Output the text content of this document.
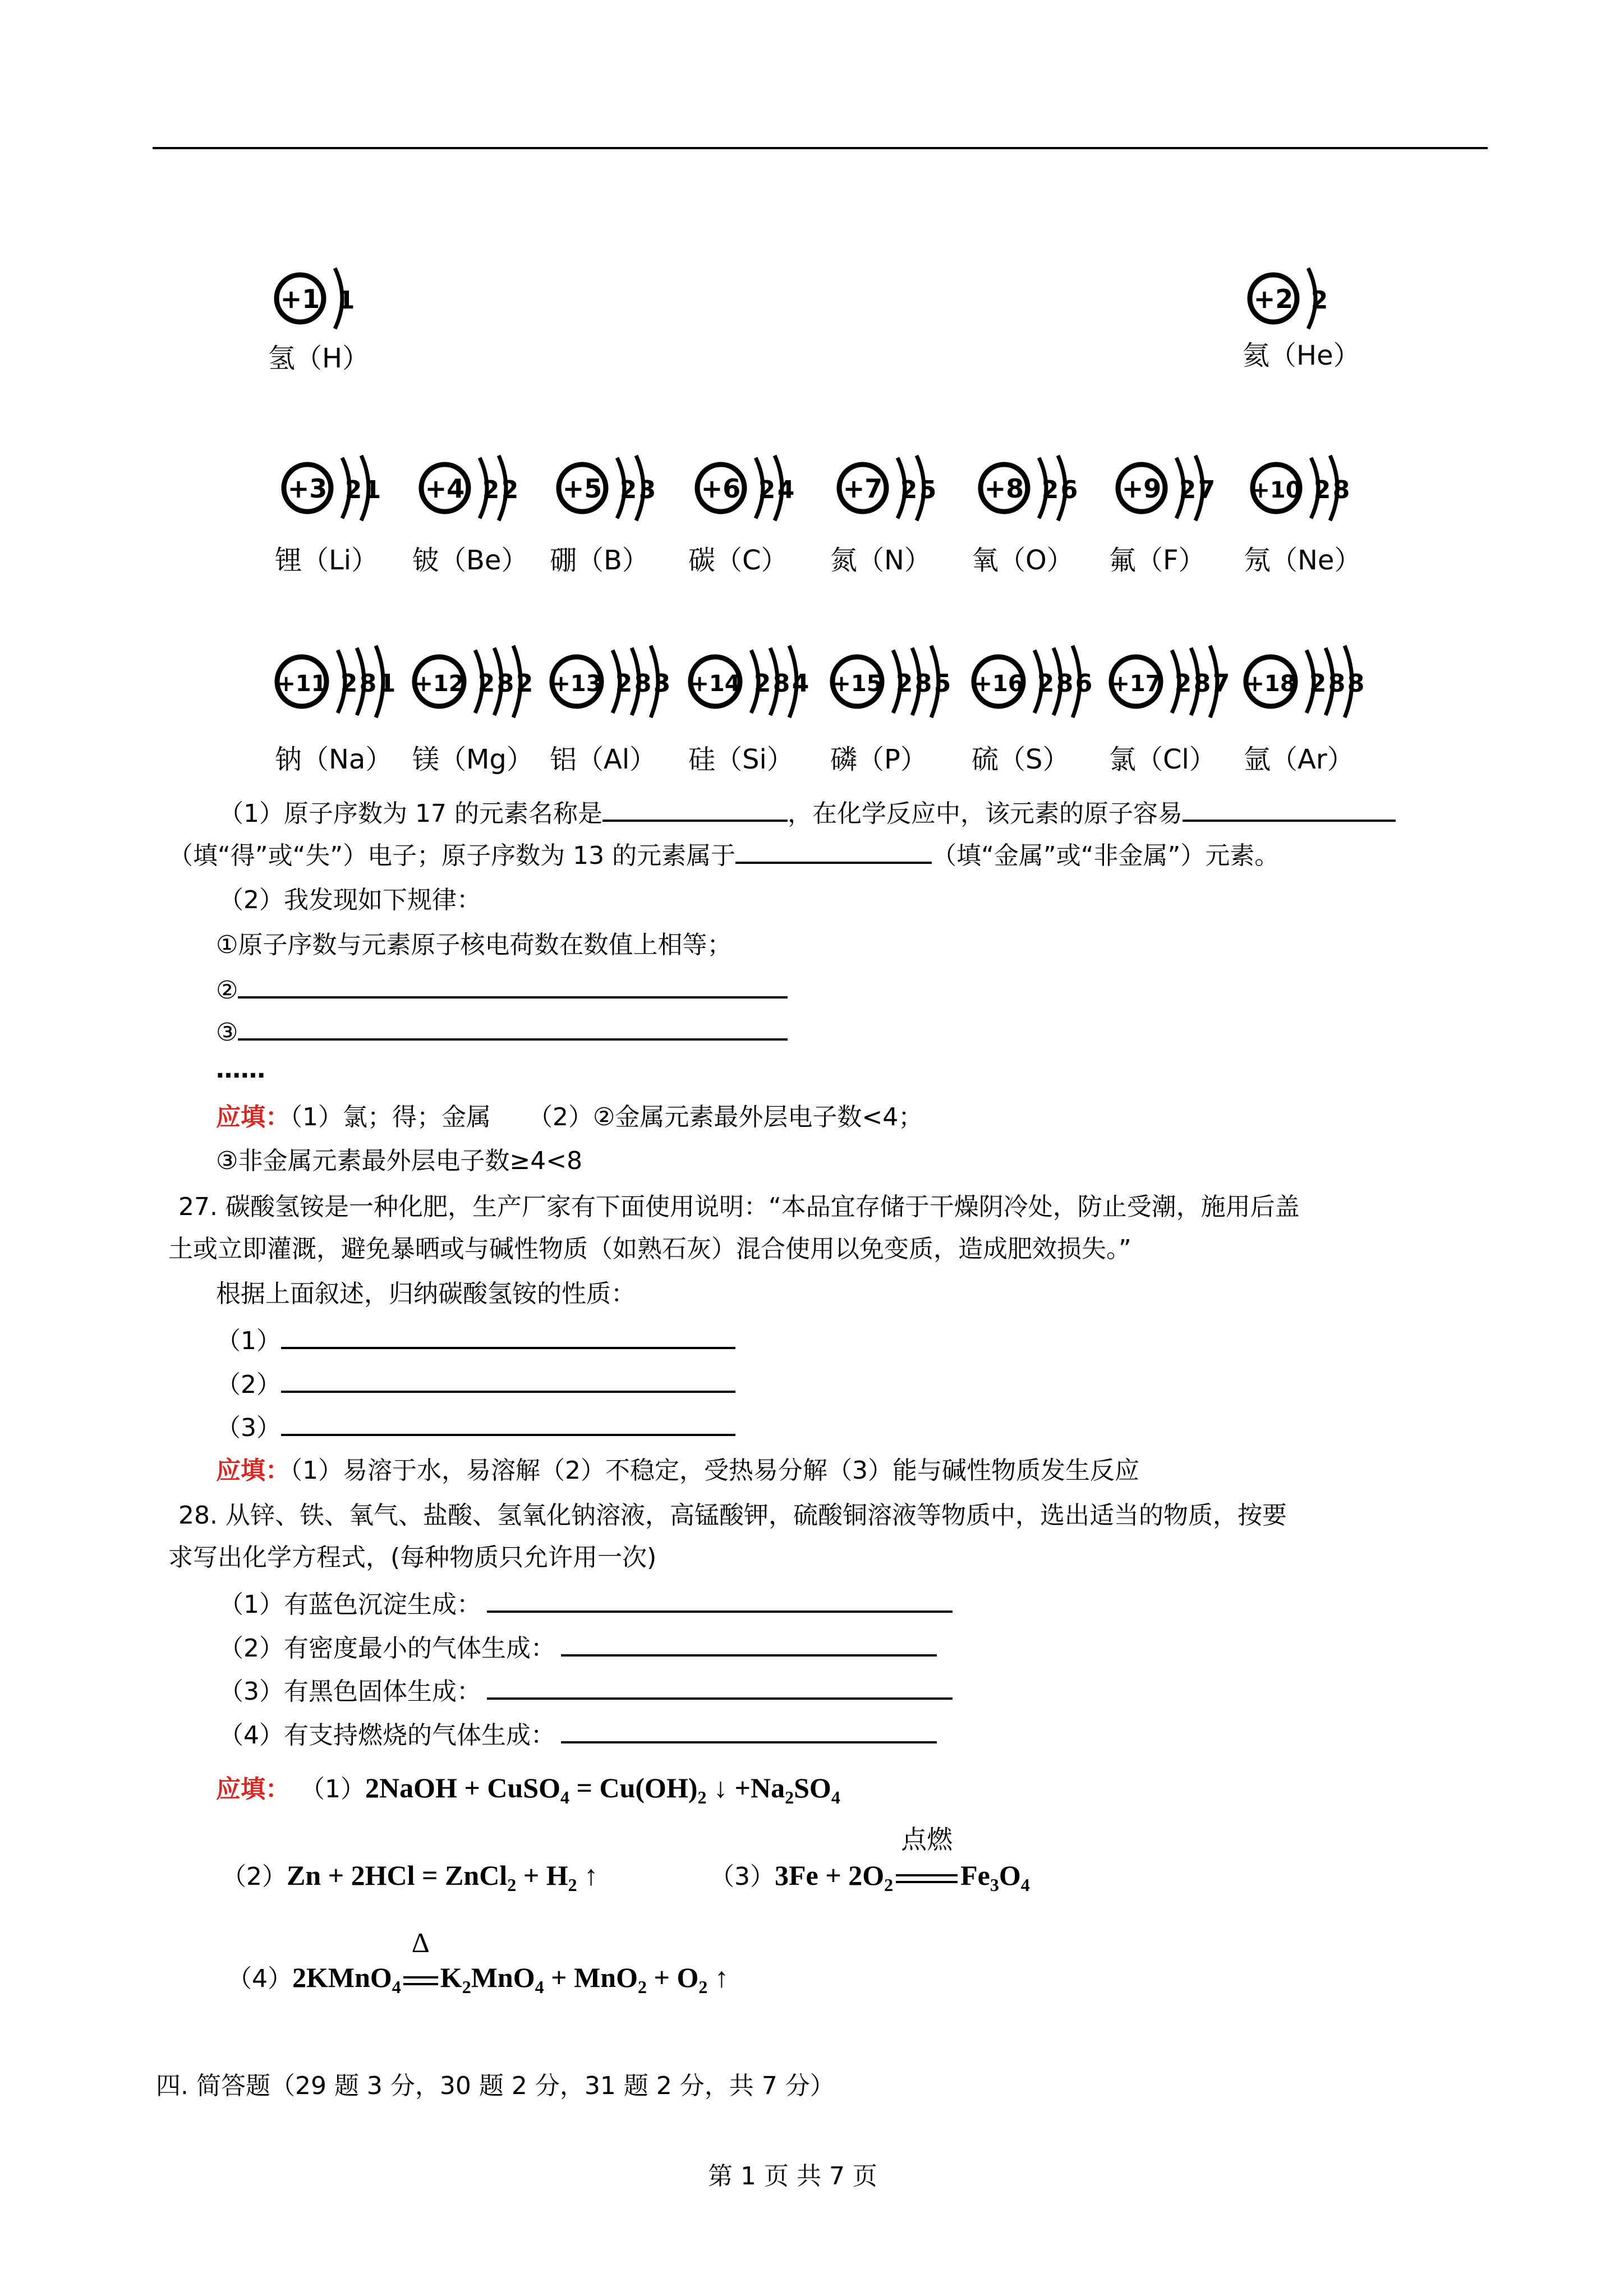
+1 1
氢（H）
+2 2
氦（He）
+3 2 1
锂（Li）
+4 2 2
铍（Be）
+5 2 3
硼（B）
+6 2 4
碳（C）
+7 2 5
氮（N）
+8 2 6
氧（O）
+9 2 7
氟（F）
+10 2 8
氖（Ne）
+11 2 8 1
钠（Na）
+12 2 8 2
镁（Mg）
+13 2 8 3
铝（Al）
+14 2 8 4
硅（Si）
+15 2 8 5
磷（P）
+16 2 8 6
硫（S）
+17 2 8 7
氯（Cl）
+18 2 8 8
氩（Ar）
（1）原子序数为 17 的元素名称是	，在化学反应中，该元素的原子容易
（填“得”或“失”）电子；原子序数为 13 的元素属于	（填“金属”或“非金属”）元素。
（2）我发现如下规律：
①原子序数与元素原子核电荷数在数值上相等；
②
③
……
应填：（1）氯；得；金属　　（2）②金属元素最外层电子数<4；
③非金属元素最外层电子数≥4<8
27. 碳酸氢铵是一种化肥，生产厂家有下面使用说明：“本品宜存储于干燥阴冷处，防止受潮，施用后盖
土或立即灌溉，避免暴晒或与碱性物质（如熟石灰）混合使用以免变质，造成肥效损失。”
根据上面叙述，归纳碳酸氢铵的性质：
（1）
（2）
（3）
应填：（1）易溶于水，易溶解（2）不稳定，受热易分解（3）能与碱性物质发生反应
28. 从锌、铁、氧气、盐酸、氢氧化钠溶液，高锰酸钾，硫酸铜溶液等物质中，选出适当的物质，按要
求写出化学方程式，(每种物质只允许用一次)
（1）有蓝色沉淀生成：
（2）有密度最小的气体生成：
（3）有黑色固体生成：
（4）有支持燃烧的气体生成：
应填： （1）2NaOH + CuSO$_4$ = $Cu(OH)_2$ ↓ $+Na_2SO_4$
（2）Zn + 2HCl = ZnCl$_2$ + $H_2$ ↑	$(3)3Fe + 2O_2$
点燃
$Fe_3O_4$
（4）2KMnO$_4$
Δ
$K_2MnO_4 + MnO_2 + O_2$ ↑
四. 简答题（29 题 3 分，30 题 2 分，31 题 2 分，共 7 分）
第 1 页 共 7 页
